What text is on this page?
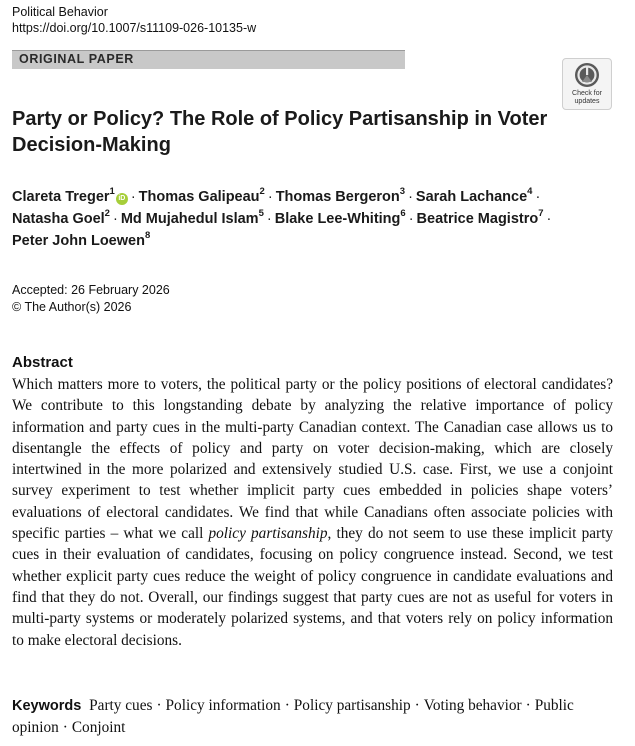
Political Behavior
https://doi.org/10.1007/s11109-026-10135-w
ORIGINAL PAPER
Check for
updates
Party or Policy? The Role of Policy Partisanship in Voter
Decision-Making
Clareta Treger$^1$iD · Thomas Galipeau$^2$ · Thomas Bergeron$^3$ · Sarah Lachance$^4$ ·
Natasha Goel$^2$ · Md Mujahedul Islam$^5$ · Blake Lee-Whiting$^6$ · Beatrice Magistro$^7$ ·
Peter John Loewen$^8$
Accepted: 26 February 2026
© The Author(s) 2026
Abstract
Which matters more to voters, the political party or the policy positions of electoral candidates? We contribute to this longstanding debate by analyzing the relative importance of policy information and party cues in the multi-party Canadian context. The Canadian case allows us to disentangle the effects of policy and party on voter decision-making, which are closely intertwined in the more polarized and extensively studied U.S. case. First, we use a conjoint survey experiment to test whether implicit party cues embedded in policies shape voters’ evaluations of electoral candidates. We find that while Canadians often associate policies with specific parties – what we call policy partisanship, they do not seem to use these implicit party cues in their evaluation of candidates, focusing on policy congruence instead. Second, we test whether explicit party cues reduce the weight of policy congruence in candidate evaluations and find that they do not. Overall, our findings suggest that party cues are not as useful for voters in multi-party systems or moderately polarized systems, and that voters rely on policy information to make electoral decisions.
Keywords Party cues · Policy information · Policy partisanship · Voting behavior · Public opinion · Conjoint
